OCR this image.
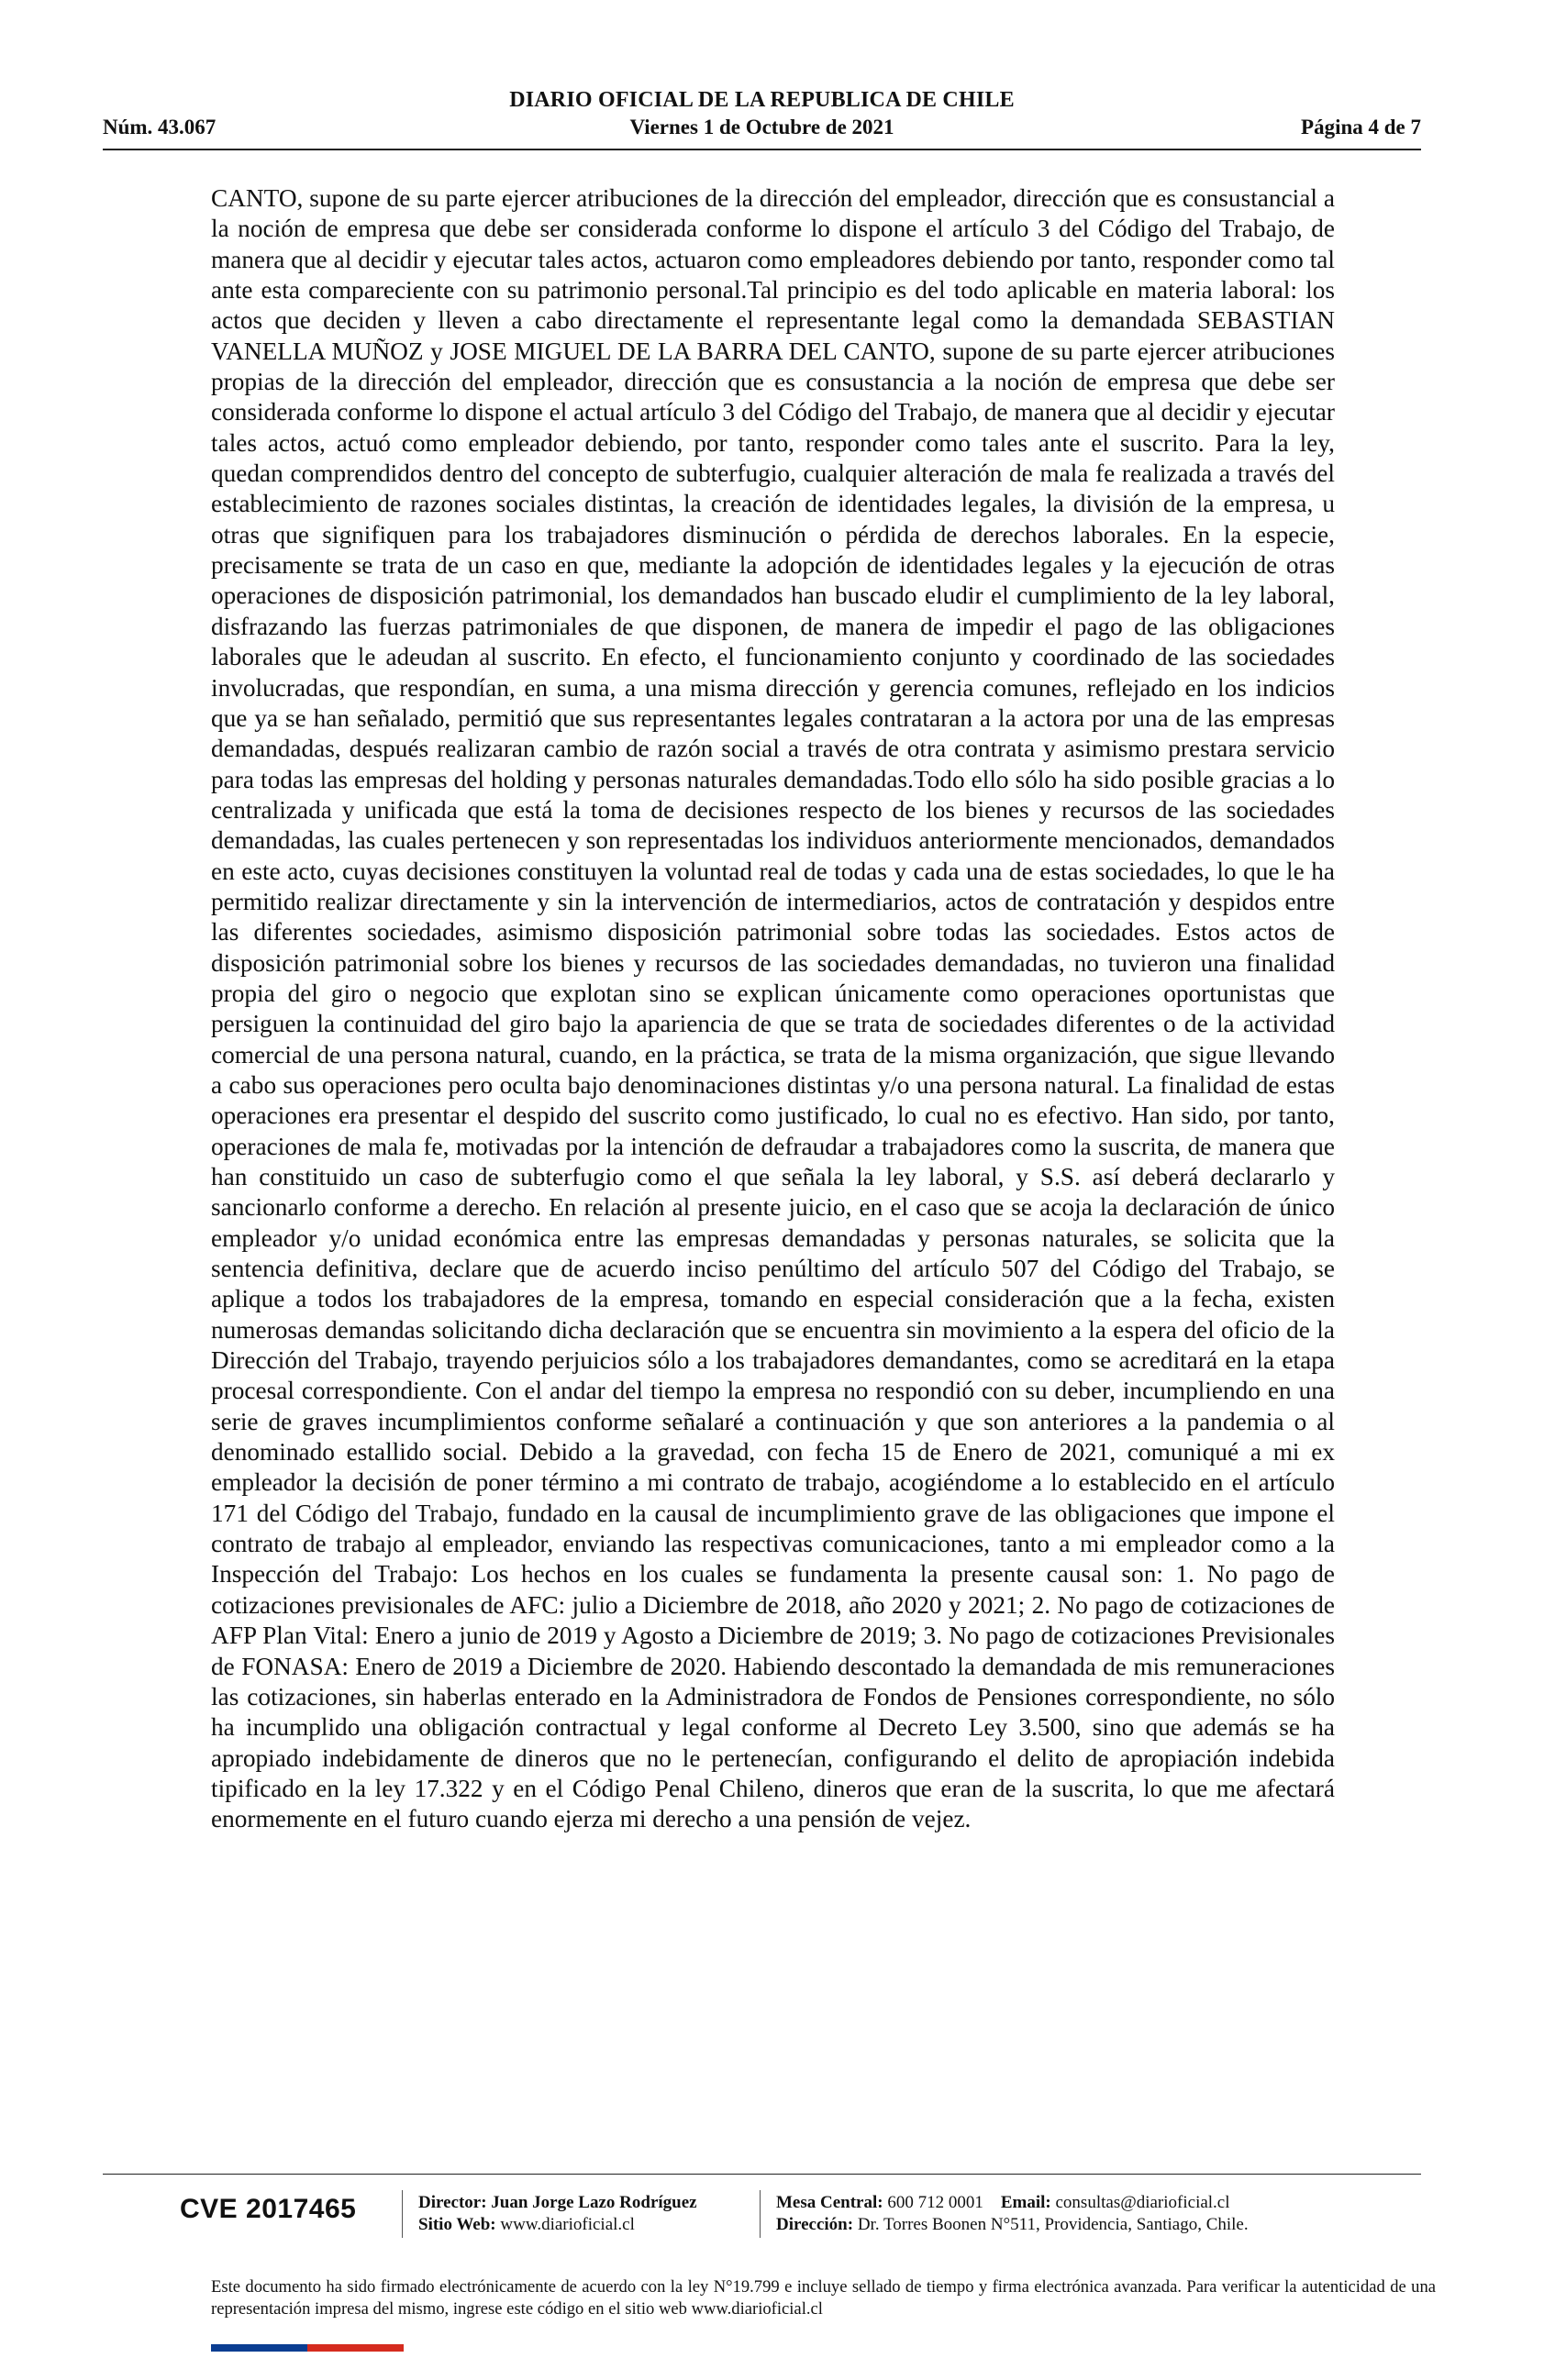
DIARIO OFICIAL DE LA REPUBLICA DE CHILE
Núm. 43.067	Viernes 1 de Octubre de 2021	Página 4 de 7

CANTO, supone de su parte ejercer atribuciones de la dirección del empleador, dirección que es consustancial a la noción de empresa que debe ser considerada conforme lo dispone el artículo 3 del Código del Trabajo, de manera que al decidir y ejecutar tales actos, actuaron como empleadores debiendo por tanto, responder como tal ante esta compareciente con su patrimonio personal.Tal principio es del todo aplicable en materia laboral: los actos que deciden y lleven a cabo directamente el representante legal como la demandada SEBASTIAN VANELLA MUÑOZ y JOSE MIGUEL DE LA BARRA DEL CANTO, supone de su parte ejercer atribuciones propias de la dirección del empleador, dirección que es consustancia a la noción de empresa que debe ser considerada conforme lo dispone el actual artículo 3 del Código del Trabajo, de manera que al decidir y ejecutar tales actos, actuó como empleador debiendo, por tanto, responder como tales ante el suscrito. Para la ley, quedan comprendidos dentro del concepto de subterfugio, cualquier alteración de mala fe realizada a través del establecimiento de razones sociales distintas, la creación de identidades legales, la división de la empresa, u otras que signifiquen para los trabajadores disminución o pérdida de derechos laborales. En la especie, precisamente se trata de un caso en que, mediante la adopción de identidades legales y la ejecución de otras operaciones de disposición patrimonial, los demandados han buscado eludir el cumplimiento de la ley laboral, disfrazando las fuerzas patrimoniales de que disponen, de manera de impedir el pago de las obligaciones laborales que le adeudan al suscrito. En efecto, el funcionamiento conjunto y coordinado de las sociedades involucradas, que respondían, en suma, a una misma dirección y gerencia comunes, reflejado en los indicios que ya se han señalado, permitió que sus representantes legales contrataran a la actora por una de las empresas demandadas, después realizaran cambio de razón social a través de otra contrata y asimismo prestara servicio para todas las empresas del holding y personas naturales demandadas.Todo ello sólo ha sido posible gracias a lo centralizada y unificada que está la toma de decisiones respecto de los bienes y recursos de las sociedades demandadas, las cuales pertenecen y son representadas los individuos anteriormente mencionados, demandados en este acto, cuyas decisiones constituyen la voluntad real de todas y cada una de estas sociedades, lo que le ha permitido realizar directamente y sin la intervención de intermediarios, actos de contratación y despidos entre las diferentes sociedades, asimismo disposición patrimonial sobre todas las sociedades. Estos actos de disposición patrimonial sobre los bienes y recursos de las sociedades demandadas, no tuvieron una finalidad propia del giro o negocio que explotan sino se explican únicamente como operaciones oportunistas que persiguen la continuidad del giro bajo la apariencia de que se trata de sociedades diferentes o de la actividad comercial de una persona natural, cuando, en la práctica, se trata de la misma organización, que sigue llevando a cabo sus operaciones pero oculta bajo denominaciones distintas y/o una persona natural. La finalidad de estas operaciones era presentar el despido del suscrito como justificado, lo cual no es efectivo. Han sido, por tanto, operaciones de mala fe, motivadas por la intención de defraudar a trabajadores como la suscrita, de manera que han constituido un caso de subterfugio como el que señala la ley laboral, y S.S. así deberá declararlo y sancionarlo conforme a derecho. En relación al presente juicio, en el caso que se acoja la declaración de único empleador y/o unidad económica entre las empresas demandadas y personas naturales, se solicita que la sentencia definitiva, declare que de acuerdo inciso penúltimo del artículo 507 del Código del Trabajo, se aplique a todos los trabajadores de la empresa, tomando en especial consideración que a la fecha, existen numerosas demandas solicitando dicha declaración que se encuentra sin movimiento a la espera del oficio de la Dirección del Trabajo, trayendo perjuicios sólo a los trabajadores demandantes, como se acreditará en la etapa procesal correspondiente. Con el andar del tiempo la empresa no respondió con su deber, incumpliendo en una serie de graves incumplimientos conforme señalaré a continuación y que son anteriores a la pandemia o al denominado estallido social. Debido a la gravedad, con fecha 15 de Enero de 2021, comuniqué a mi ex empleador la decisión de poner término a mi contrato de trabajo, acogiéndome a lo establecido en el artículo 171 del Código del Trabajo, fundado en la causal de incumplimiento grave de las obligaciones que impone el contrato de trabajo al empleador, enviando las respectivas comunicaciones, tanto a mi empleador como a la Inspección del Trabajo: Los hechos en los cuales se fundamenta la presente causal son: 1. No pago de cotizaciones previsionales de AFC: julio a Diciembre de 2018, año 2020 y 2021; 2. No pago de cotizaciones de AFP Plan Vital: Enero a junio de 2019 y Agosto a Diciembre de 2019; 3. No pago de cotizaciones Previsionales de FONASA: Enero de 2019 a Diciembre de 2020. Habiendo descontado la demandada de mis remuneraciones las cotizaciones, sin haberlas enterado en la Administradora de Fondos de Pensiones correspondiente, no sólo ha incumplido una obligación contractual y legal conforme al Decreto Ley 3.500, sino que además se ha apropiado indebidamente de dineros que no le pertenecían, configurando el delito de apropiación indebida tipificado en la ley 17.322 y en el Código Penal Chileno, dineros que eran de la suscrita, lo que me afectará enormemente en el futuro cuando ejerza mi derecho a una pensión de vejez.

CVE 2017465	Director: Juan Jorge Lazo Rodríguez
Sitio Web: www.diarioficial.cl
Mesa Central: 600 712 0001 Email: consultas@diarioficial.cl
Dirección: Dr. Torres Boonen N°511, Providencia, Santiago, Chile.
Este documento ha sido firmado electrónicamente de acuerdo con la ley N°19.799 e incluye sellado de tiempo y firma electrónica avanzada. Para verificar la autenticidad de una representación impresa del mismo, ingrese este código en el sitio web www.diarioficial.cl
